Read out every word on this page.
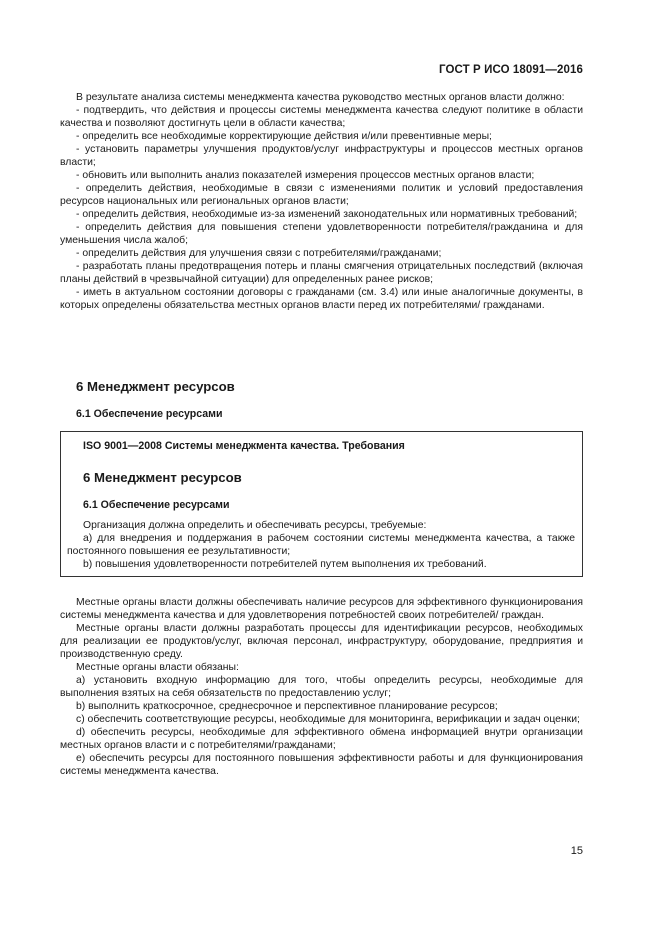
ГОСТ Р ИСО 18091—2016

В результате анализа системы менеджмента качества руководство местных органов власти должно:

- подтвердить, что действия и процессы системы менеджмента качества следуют политике в области качества и позволяют достигнуть цели в области качества;

- определить все необходимые корректирующие действия и/или превентивные меры;

- установить параметры улучшения продуктов/услуг инфраструктуры и процессов местных органов власти;

- обновить или выполнить анализ показателей измерения процессов местных органов власти;

- определить действия, необходимые в связи с изменениями политик и условий предоставления ресурсов национальных или региональных органов власти;

- определить действия, необходимые из-за изменений законодательных или нормативных требований;

- определить действия для повышения степени удовлетворенности потребителя/гражданина и для уменьшения числа жалоб;

- определить действия для улучшения связи с потребителями/гражданами;

- разработать планы предотвращения потерь и планы смягчения отрицательных последствий (включая планы действий в чрезвычайной ситуации) для определенных ранее рисков;

- иметь в актуальном состоянии договоры с гражданами (см. 3.4) или иные аналогичные документы, в которых определены обязательства местных органов власти перед их потребителями/ гражданами.

6 Менеджмент ресурсов
6.1 Обеспечение ресурсами
ISO 9001—2008 Системы менеджмента качества. Требования
6 Менеджмент ресурсов
6.1 Обеспечение ресурсами

Организация должна определить и обеспечивать ресурсы, требуемые:

a) для внедрения и поддержания в рабочем состоянии системы менеджмента качества, а также постоянного повышения ее результативности;

b) повышения удовлетворенности потребителей путем выполнения их требований.

Местные органы власти должны обеспечивать наличие ресурсов для эффективного функционирования системы менеджмента качества и для удовлетворения потребностей своих потребителей/ граждан.

Местные органы власти должны разработать процессы для идентификации ресурсов, необходимых для реализации ее продуктов/услуг, включая персонал, инфраструктуру, оборудование, предприятия и производственную среду.

Местные органы власти обязаны:

a) установить входную информацию для того, чтобы определить ресурсы, необходимые для выполнения взятых на себя обязательств по предоставлению услуг;

b) выполнить краткосрочное, среднесрочное и перспективное планирование ресурсов;

c) обеспечить соответствующие ресурсы, необходимые для мониторинга, верификации и задач оценки;

d) обеспечить ресурсы, необходимые для эффективного обмена информацией внутри организации местных органов власти и с потребителями/гражданами;

e) обеспечить ресурсы для постоянного повышения эффективности работы и для функционирования системы менеджмента качества.

15
